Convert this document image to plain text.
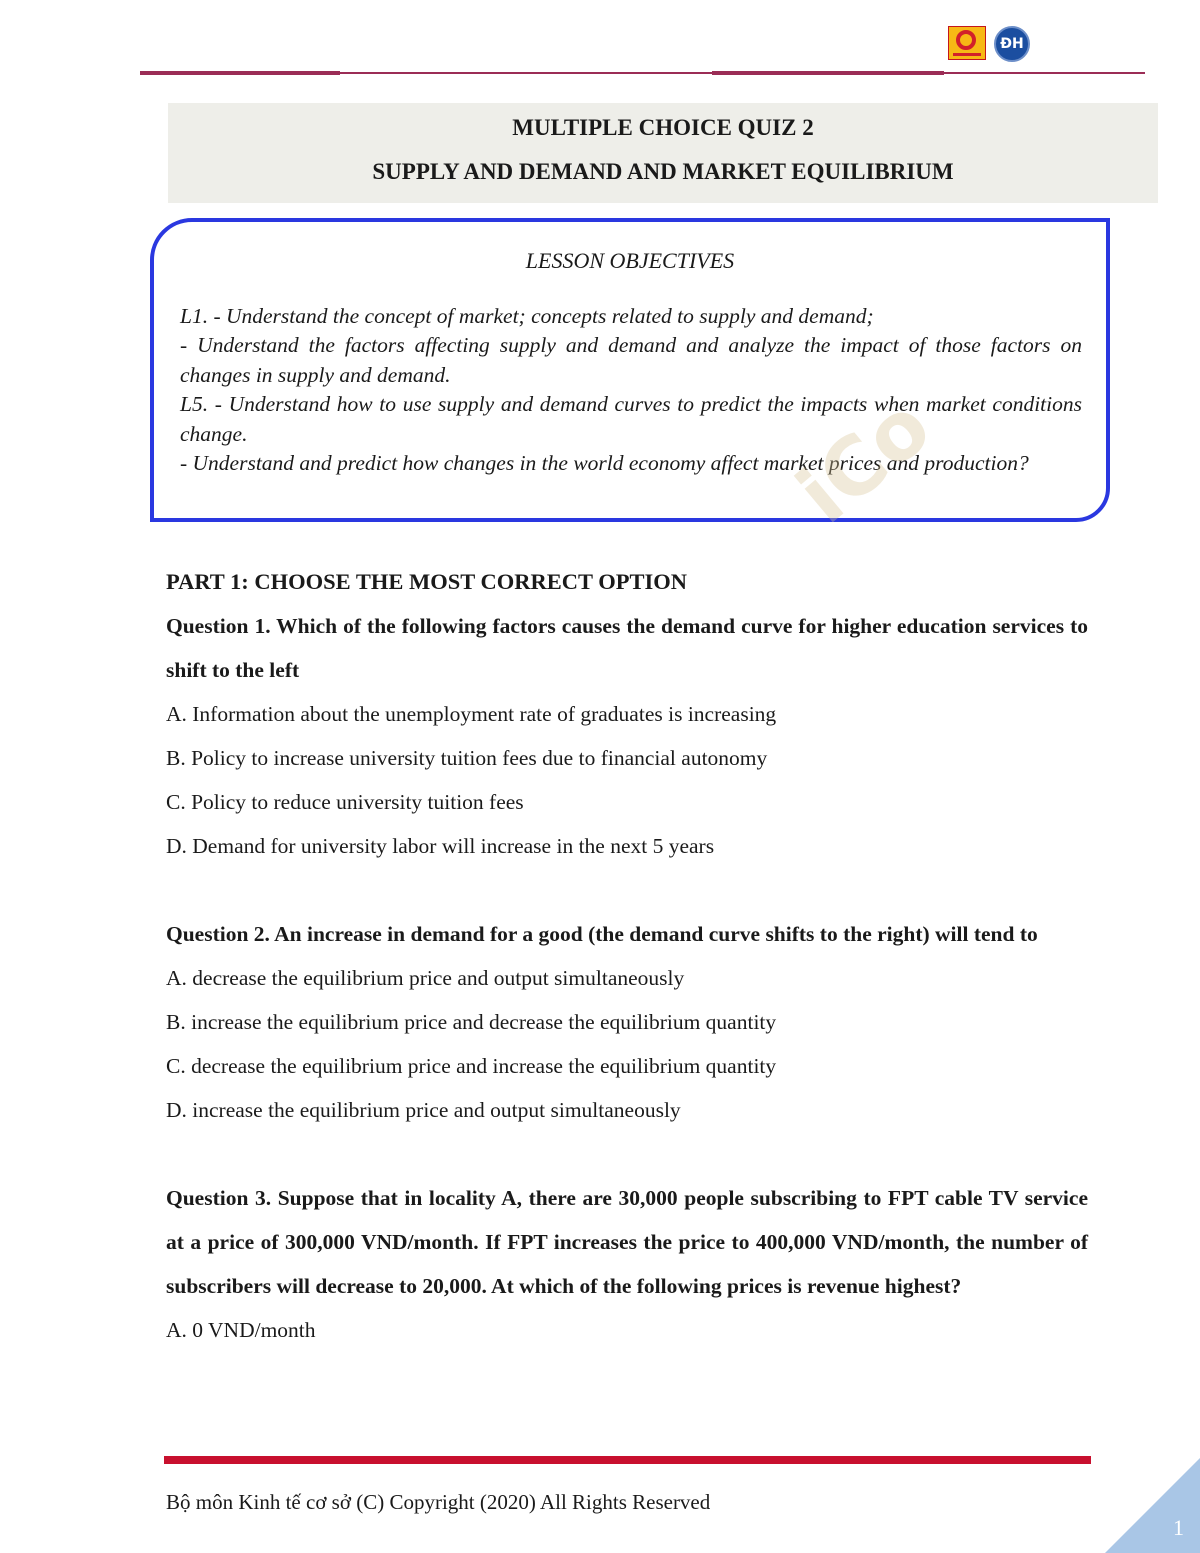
ĐH
MULTIPLE CHOICE QUIZ 2
SUPPLY AND DEMAND AND MARKET EQUILIBRIUM
LESSON OBJECTIVES
L1. - Understand the concept of market; concepts related to supply and demand;
- Understand the factors affecting supply and demand and analyze the impact of those factors on changes in supply and demand.
L5. - Understand how to use supply and demand curves to predict the impacts when market conditions change.
- Understand and predict how changes in the world economy affect market prices and production?
iCo
PART 1: CHOOSE THE MOST CORRECT OPTION
Question 1. Which of the following factors causes the demand curve for higher education services to shift to the left
A. Information about the unemployment rate of graduates is increasing
B. Policy to increase university tuition fees due to financial autonomy
C. Policy to reduce university tuition fees
D. Demand for university labor will increase in the next 5 years
Question 2. An increase in demand for a good (the demand curve shifts to the right) will tend to
A. decrease the equilibrium price and output simultaneously
B. increase the equilibrium price and decrease the equilibrium quantity
C. decrease the equilibrium price and increase the equilibrium quantity
D. increase the equilibrium price and output simultaneously
Question 3. Suppose that in locality A, there are 30,000 people subscribing to FPT cable TV service at a price of 300,000 VND/month. If FPT increases the price to 400,000 VND/month, the number of subscribers will decrease to 20,000. At which of the following prices is revenue highest?
A. 0 VND/month
Bộ môn Kinh tế cơ sở (C) Copyright (2020) All Rights Reserved
1
